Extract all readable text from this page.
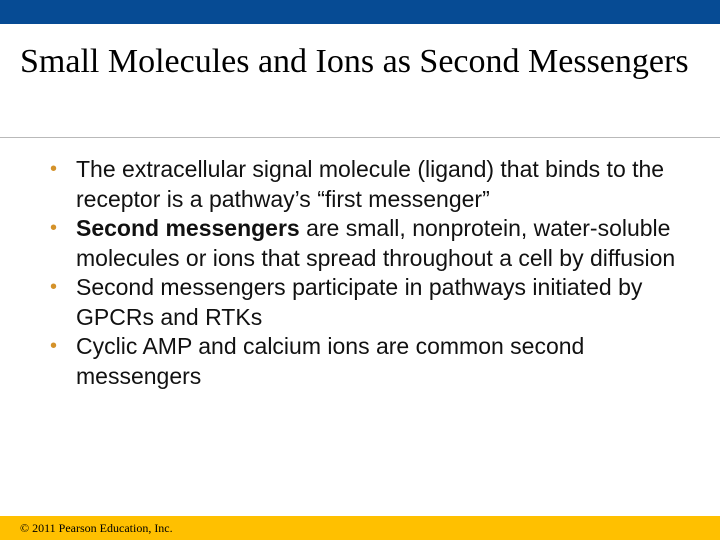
Small Molecules and Ions as Second Messengers
• The extracellular signal molecule (ligand) that binds to the receptor is a pathway’s “first messenger”
• Second messengers are small, nonprotein, water-soluble molecules or ions that spread throughout a cell by diffusion
• Second messengers participate in pathways initiated by GPCRs and RTKs
• Cyclic AMP and calcium ions are common second messengers
© 2011 Pearson Education, Inc.
